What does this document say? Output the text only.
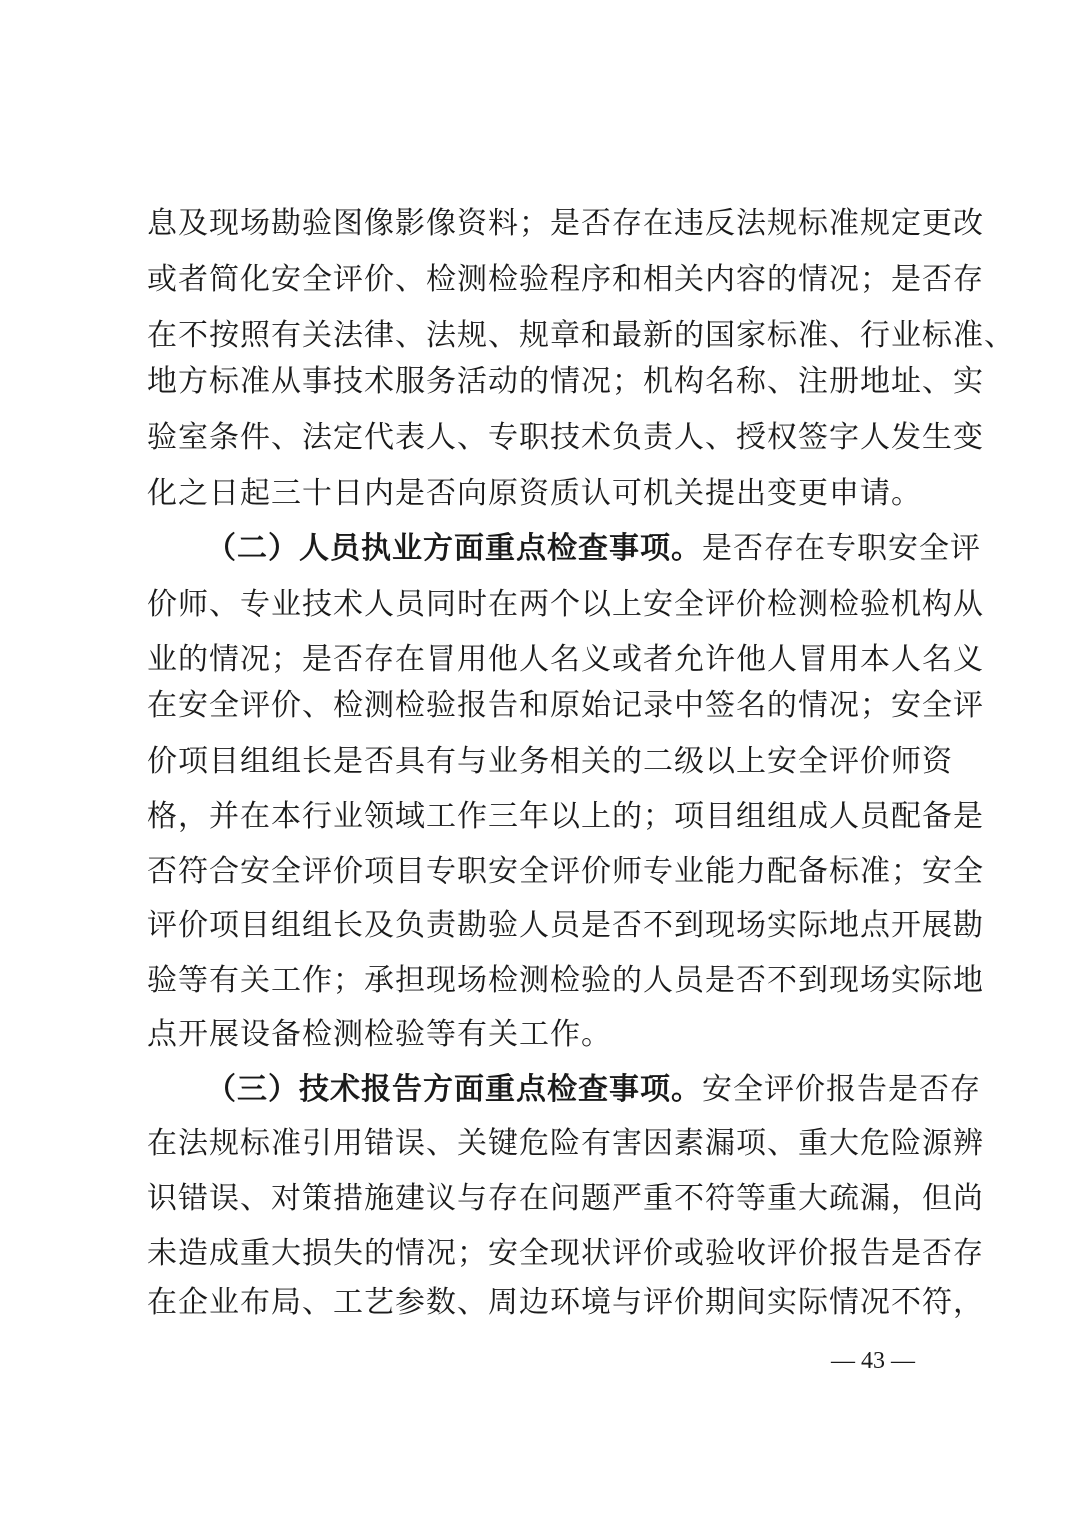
息及现场勘验图像影像资料；是否存在违反法规标准规定更改
或者简化安全评价、检测检验程序和相关内容的情况；是否存
在不按照有关法律、法规、规章和最新的国家标准、行业标准、
地方标准从事技术服务活动的情况；机构名称、注册地址、实
验室条件、法定代表人、专职技术负责人、授权签字人发生变
化之日起三十日内是否向原资质认可机关提出变更申请。
（二）人员执业方面重点检查事项。是否存在专职安全评
价师、专业技术人员同时在两个以上安全评价检测检验机构从
业的情况；是否存在冒用他人名义或者允许他人冒用本人名义
在安全评价、检测检验报告和原始记录中签名的情况；安全评
价项目组组长是否具有与业务相关的二级以上安全评价师资
格，并在本行业领域工作三年以上的；项目组组成人员配备是
否符合安全评价项目专职安全评价师专业能力配备标准；安全
评价项目组组长及负责勘验人员是否不到现场实际地点开展勘
验等有关工作；承担现场检测检验的人员是否不到现场实际地
点开展设备检测检验等有关工作。
（三）技术报告方面重点检查事项。安全评价报告是否存
在法规标准引用错误、关键危险有害因素漏项、重大危险源辨
识错误、对策措施建议与存在问题严重不符等重大疏漏，但尚
未造成重大损失的情况；安全现状评价或验收评价报告是否存
在企业布局、工艺参数、周边环境与评价期间实际情况不符，
— 43 —
